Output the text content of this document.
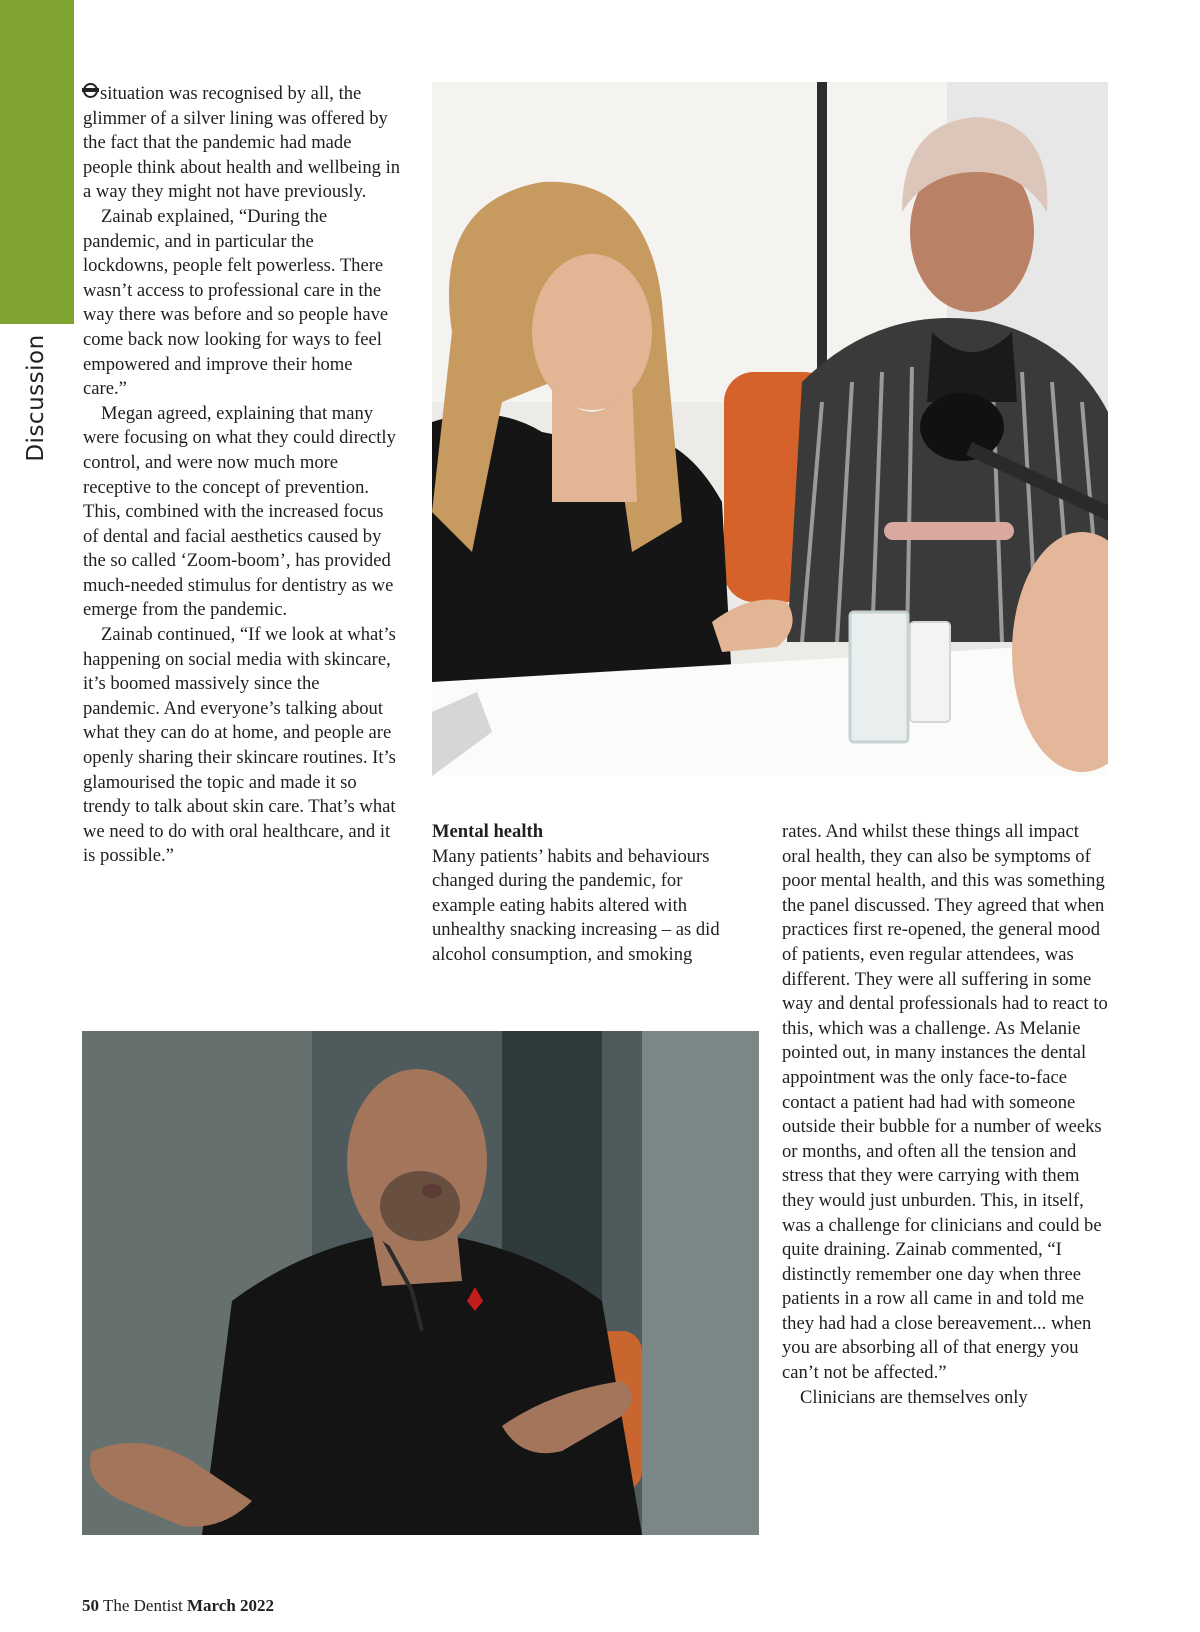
Discussion

situation was recognised by all, the glimmer of a silver lining was offered by the fact that the pandemic had made people think about health and wellbeing in a way they might not have previously.

Zainab explained, “During the pandemic, and in particular the lockdowns, people felt powerless. There wasn’t access to professional care in the way there was before and so people have come back now looking for ways to feel empowered and improve their home care.”

Megan agreed, explaining that many were focusing on what they could directly control, and were now much more receptive to the concept of prevention. This, combined with the increased focus of dental and facial aesthetics caused by the so called ‘Zoom-boom’, has provided much-needed stimulus for dentistry as we emerge from the pandemic.

Zainab continued, “If we look at what’s happening on social media with skincare, it’s boomed massively since the pandemic. And everyone’s talking about what they can do at home, and people are openly sharing their skincare routines. It’s glamourised the topic and made it so trendy to talk about skin care. That’s what we need to do with oral healthcare, and it is possible.”

Mental health

Many patients’ habits and behaviours changed during the pandemic, for example eating habits altered with unhealthy snacking increasing – as did alcohol consumption, and smoking

rates. And whilst these things all impact oral health, they can also be symptoms of poor mental health, and this was something the panel discussed. They agreed that when practices first re-opened, the general mood of patients, even regular attendees, was different. They were all suffering in some way and dental professionals had to react to this, which was a challenge. As Melanie pointed out, in many instances the dental appointment was the only face-to-face contact a patient had had with someone outside their bubble for a number of weeks or months, and often all the tension and stress that they were carrying with them they would just unburden. This, in itself, was a challenge for clinicians and could be quite draining. Zainab commented, “I distinctly remember one day when three patients in a row all came in and told me they had had a close bereavement... when you are absorbing all of that energy you can’t not be affected.”

Clinicians are themselves only

50 The Dentist March 2022
